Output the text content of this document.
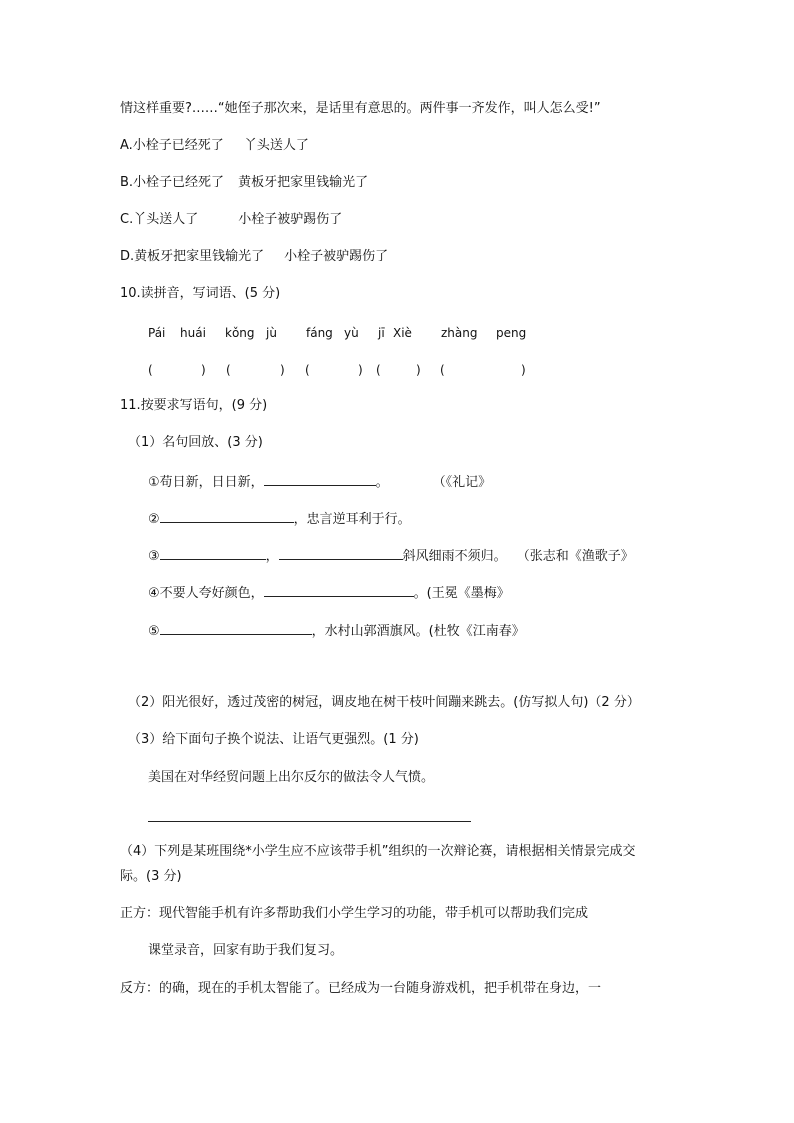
情这样重要?……“她侄子那次来，是话里有意思的。两件事一齐发作，叫人怎么受!”
A.小栓子已经死了 丫头送人了
B.小栓子已经死了 黄板牙把家里钱输光了
C.丫头送人了	小栓子被驴踢伤了
D.黄板牙把家里钱输光了 小栓子被驴踢伤了
10.读拼音，写词语、(5 分)
Pái huái kǒng jù fáng yù jī Xiè zhàng peng
(	) (	) (	) (	) (	)
11.按要求写语句，(9 分)
（1）名句回放、(3 分)
①苟日新，日日新，	。	（《礼记》
②	，忠言逆耳利于行。
③	，	斜风细雨不须归。 （张志和《渔歌子》
④不要人夸好颜色，	。(王冕《墨梅》
⑤	，水村山郭酒旗风。(杜牧《江南春》
（2）阳光很好，透过茂密的树冠，调皮地在树干枝叶间蹦来跳去。(仿写拟人句)（2 分）
（3）给下面句子换个说法、让语气更强烈。(1 分)
美国在对华经贸问题上出尔反尔的做法令人气愤。
（4）下列是某班围绕*小学生应不应该带手机”组织的一次辩论赛，请根据相关情景完成交
际。(3 分)
正方：现代智能手机有许多帮助我们小学生学习的功能，带手机可以帮助我们完成
课堂录音，回家有助于我们复习。
反方：的确，现在的手机太智能了。已经成为一台随身游戏机，把手机带在身边，一
